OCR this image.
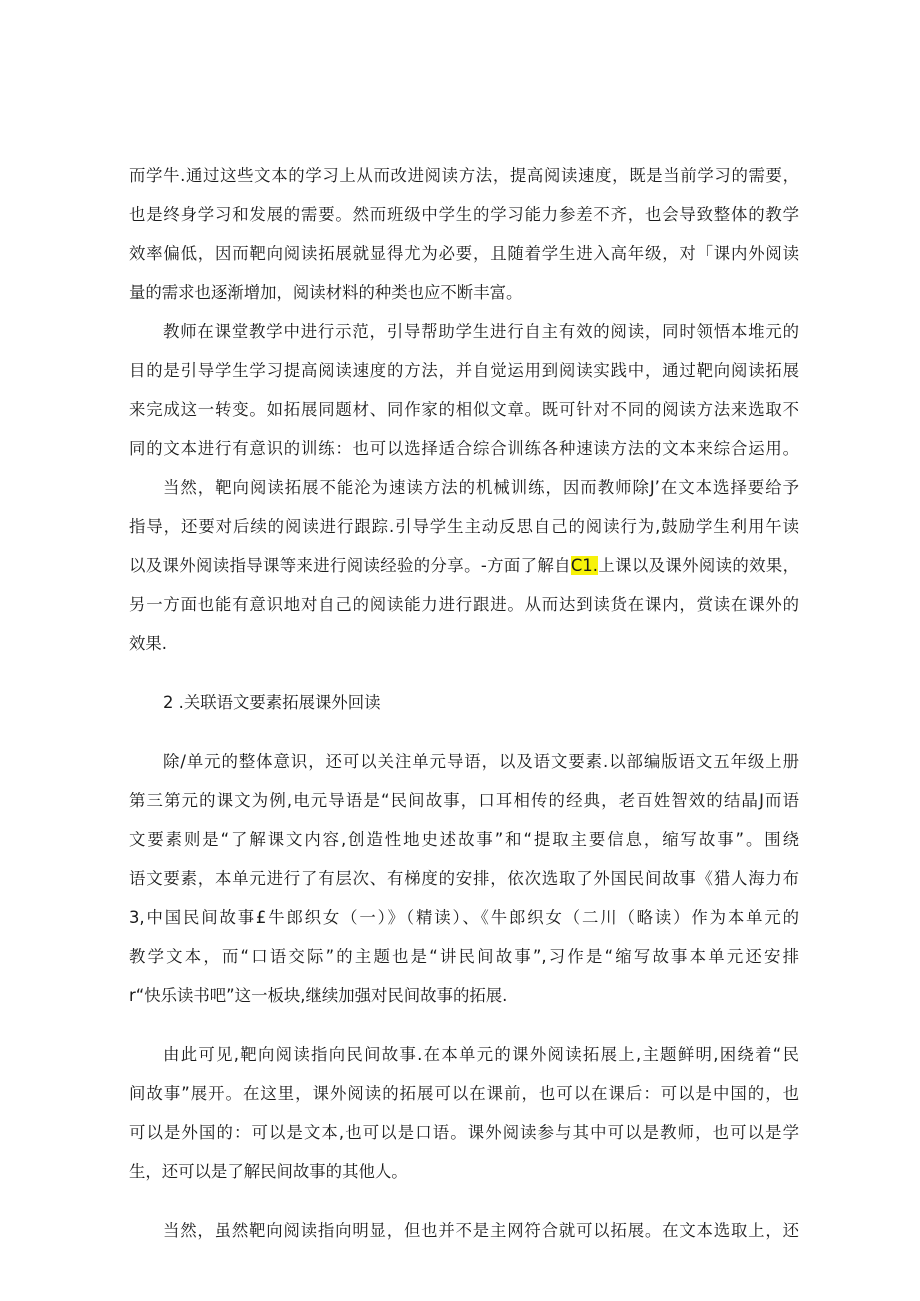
而学牛.通过这些文本的学习上从而改进阅读方法，提高阅读速度，既是当前学习的需要，
也是终身学习和发展的需要。然而班级中学生的学习能力参差不齐，也会导致整体的教学
效率偏低，因而靶向阅读拓展就显得尤为必要，且随着学生进入高年级，对「课内外阅读
量的需求也逐渐增加，阅读材料的种类也应不断丰富。
教师在课堂教学中进行示范，引导帮助学生进行自主有效的阅读，同时领悟本堆元的
目的是引导学生学习提高阅读速度的方法，并自觉运用到阅读实践中，通过靶向阅读拓展
来完成这一转变。如拓展同题材、同作家的相似文章。既可针对不同的阅读方法来选取不
同的文本进行有意识的训练：也可以选择适合综合训练各种速读方法的文本来综合运用。
当然，靶向阅读拓展不能沦为速读方法的机械训练，因而教师除J’在文本选择要给予
指导，还要对后续的阅读进行跟踪.引导学生主动反思自己的阅读行为,鼓励学生利用午读
以及课外阅读指导课等来进行阅读经验的分享。-方面了解自C1.上课以及课外阅读的效果，
另一方面也能有意识地对自己的阅读能力进行跟进。从而达到读货在课内，赏读在课外的
效果.
2 .关联语文要素拓展课外回读
除/单元的整体意识，还可以关注单元导语，以及语文要素.以部编版语文五年级上册
第三第元的课文为例,电元导语是“民间故事，口耳相传的经典，老百姓智效的结晶J而语
文要素则是“了解课文内容,创造性地史述故事”和“提取主要信息，缩写故事”。围绕
语文要素，本单元进行了有层次、有梯度的安排，依次选取了外国民间故事《猎人海力布
3,中国民间故事£牛郎织女（一）》（精读）、《牛郎织女（二川（略读）作为本单元的
教学文本，而“口语交际”的主题也是“讲民间故事”,习作是“缩写故事本单元还安排
r“快乐读书吧”这一板块,继续加强对民间故事的拓展.
由此可见,靶向阅读指向民间故事.在本单元的课外阅读拓展上,主题鲜明,困绕着“民
间故事”展开。在这里，课外阅读的拓展可以在课前，也可以在课后：可以是中国的，也
可以是外国的：可以是文本,也可以是口语。课外阅读参与其中可以是教师，也可以是学
生，还可以是了解民间故事的其他人。
当然，虽然靶向阅读指向明显，但也并不是主网符合就可以拓展。在文本选取上，还
